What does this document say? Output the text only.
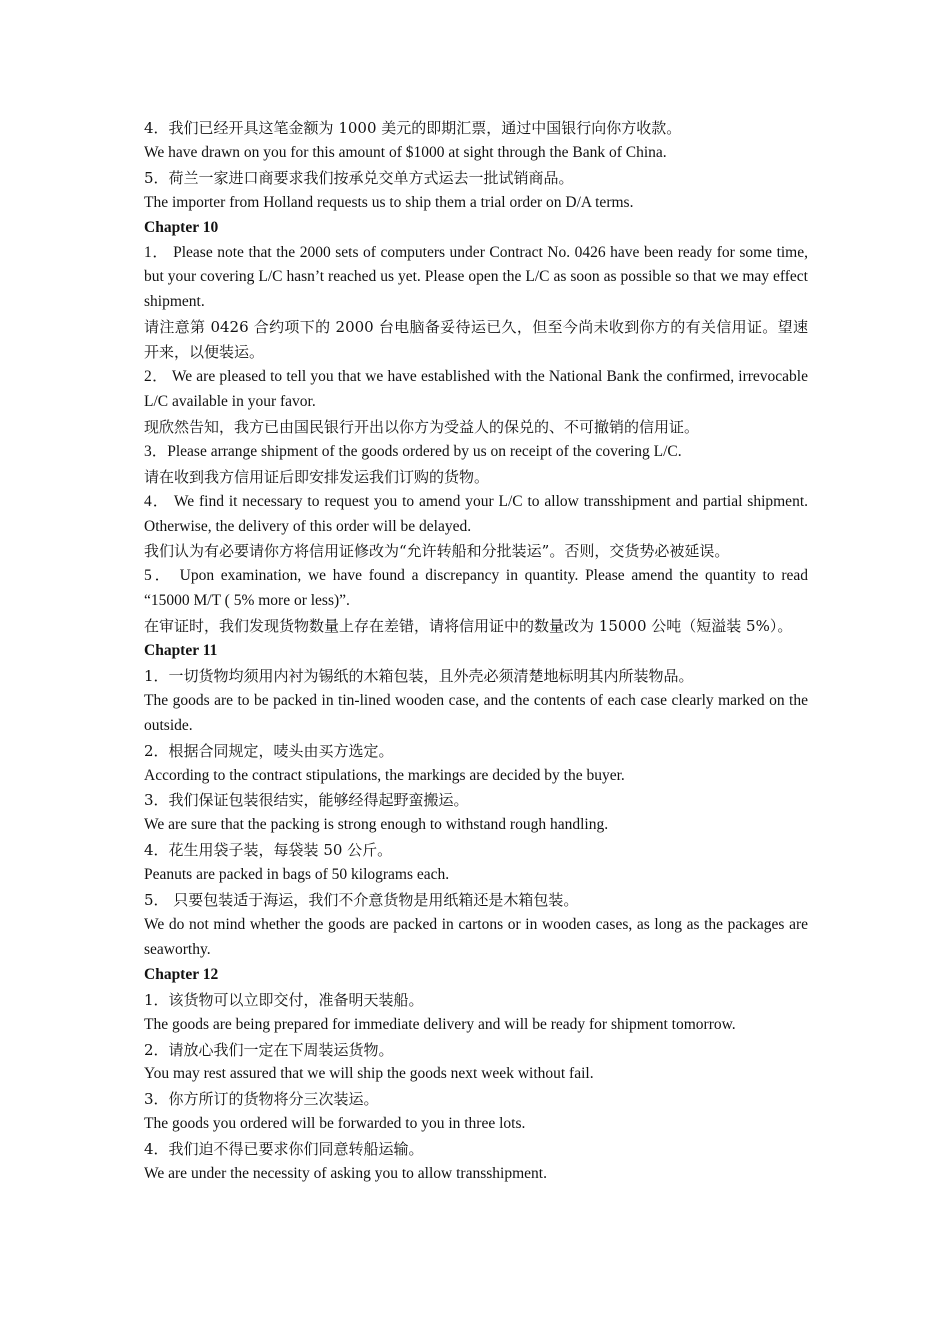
4．我们已经开具这笔金额为 1000 美元的即期汇票，通过中国银行向你方收款。

We have drawn on you for this amount of $1000 at sight through the Bank of China.

5．荷兰一家进口商要求我们按承兑交单方式运去一批试销商品。

The importer from Holland requests us to ship them a trial order on D/A terms.

Chapter 10

1． Please note that the 2000 sets of computers under Contract No. 0426 have been ready for some time, but your covering L/C hasn’t reached us yet. Please open the L/C as soon as possible so that we may effect shipment.

请注意第 0426 合约项下的 2000 台电脑备妥待运已久，但至今尚未收到你方的有关信用证。望速开来，以便装运。

2． We are pleased to tell you that we have established with the National Bank the confirmed, irrevocable L/C available in your favor.

现欣然告知，我方已由国民银行开出以你方为受益人的保兑的、不可撤销的信用证。

3．Please arrange shipment of the goods ordered by us on receipt of the covering L/C.

请在收到我方信用证后即安排发运我们订购的货物。

4． We find it necessary to request you to amend your L/C to allow transshipment and partial shipment. Otherwise, the delivery of this order will be delayed.

我们认为有必要请你方将信用证修改为“允许转船和分批装运”。否则，交货势必被延误。

5． Upon examination, we have found a discrepancy in quantity. Please amend the quantity to read “15000 M/T ( 5% more or less)”.

在审证时，我们发现货物数量上存在差错，请将信用证中的数量改为 15000 公吨（短溢装 5%）。

Chapter 11

1．一切货物均须用内衬为锡纸的木箱包装，且外壳必须清楚地标明其内所装物品。

The goods are to be packed in tin-lined wooden case, and the contents of each case clearly marked on the outside.

2．根据合同规定，唛头由买方选定。

According to the contract stipulations, the markings are decided by the buyer.

3．我们保证包装很结实，能够经得起野蛮搬运。

We are sure that the packing is strong enough to withstand rough handling.

4．花生用袋子装，每袋装 50 公斤。

Peanuts are packed in bags of 50 kilograms each.

5． 只要包装适于海运，我们不介意货物是用纸箱还是木箱包装。

We do not mind whether the goods are packed in cartons or in wooden cases, as long as the packages are seaworthy.

Chapter 12

1．该货物可以立即交付，准备明天装船。

The goods are being prepared for immediate delivery and will be ready for shipment tomorrow.

2．请放心我们一定在下周装运货物。

You may rest assured that we will ship the goods next week without fail.

3．你方所订的货物将分三次装运。

The goods you ordered will be forwarded to you in three lots.

4．我们迫不得已要求你们同意转船运输。

We are under the necessity of asking you to allow transshipment.
